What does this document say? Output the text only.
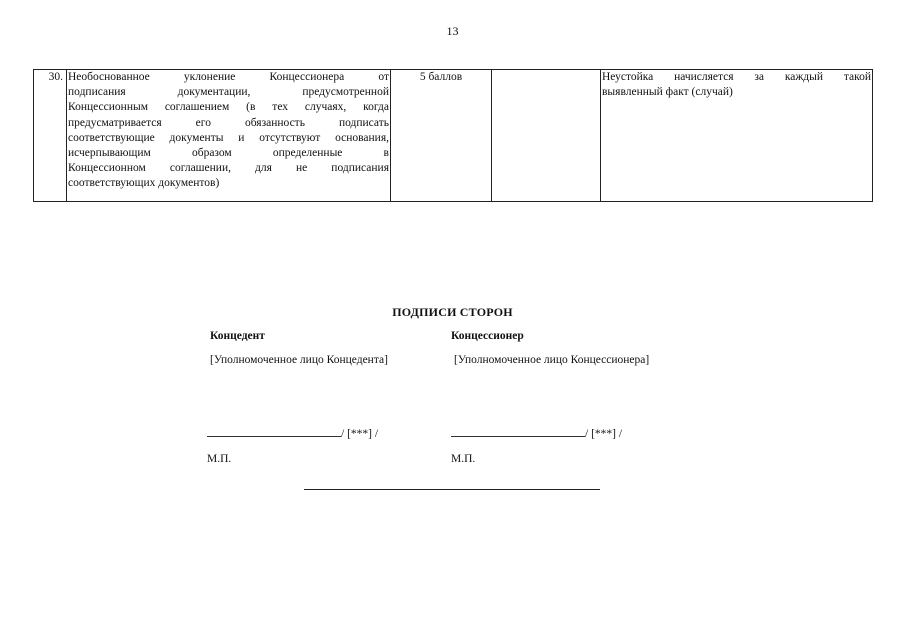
13
30.	Необоснованное уклонение Концессионера от
подписания документации, предусмотренной
Концессионным соглашением (в тех случаях, когда
предусматривается его обязанность подписать
соответствующие документы и отсутствуют основания,
исчерпывающим образом определенные в
Концессионном соглашении, для не подписания
соответствующих документов)
	5 баллов		Неустойка начисляется за каждый такой
выявленный факт (случай)
ПОДПИСИ СТОРОН
Концедент	Концессионер
[Уполномоченное лицо Концедента]	[Уполномоченное лицо Концессионера]
/ [***] /	/ [***] /
М.П.	М.П.
